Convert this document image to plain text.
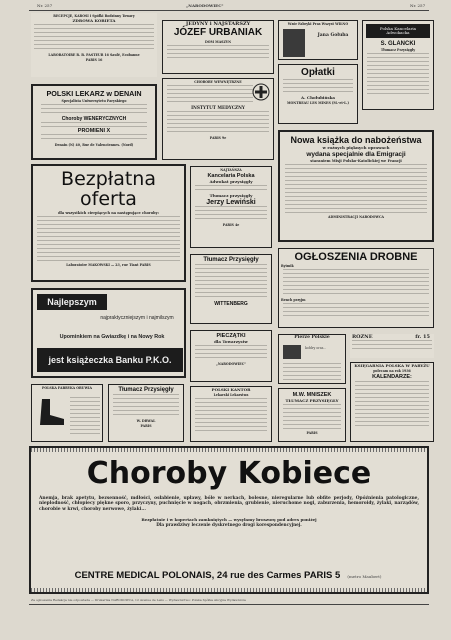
Nr. 257	„NARODOWIEC"	Nr. 257
RECEPCJE, KAROSI i Spółki Rodzinny Towary
ZDROWA KOBIETA
LABORATOIRE R. B. PASTEUR 16 Saulé, Ecobanne
PARIS 16
POLSKI LEKARZ w DENAIN
Specjalista Uniwersytetu Paryskiego
Choroby WENERYCZNYCH
PROMIENI X
Denain (N) 40, Rue de Valenciennes. (Nord)
Bezpłatna
oferta
dla wszystkich cierpiących na następujące choroby:
Laboratoire MAKOWSKI — 23, rue Tiant PARIS
Najlepszym
najpraktyczniejszym i najmilszym
Upominkiem na Gwiazdkę i na Nowy Rok
jest książeczka Banku P.K.O.
POLSKA FABRYKA OBUWIA	Tłumacz Przysięgły
W. DRWAL
PARIS
JEDYNY i NAJSTARSZY
JÓZEF URBANIAK
DOM MASZYN
CHOROBY WEWNĘTRZNE
INSTYTUT MEDYCZNY
PARIS 9e
NAJTAŃSZA
Kancelaria Polska
Adwokat przysięgły
Tłumacz przysięgły
Jerzy Lewiński
PARIS 4e
Tłumacz Przysięgły
WITTENBERG
PIECZĄTKI
dla Towarzystw
„NARODOWIEC"
POLSKI KANTOR
Lekarski Lekarstwa
Wzór Fabryki Pras Wszyst WIŁNO
Jana Gołuba
Polska Kancelaria Adwokacka
S. GLANCKI
Tłumacz Przysięgły
Opłatki
A. Chołubińska
MONTREAU LES MINES (M.-et-L.)
Nowa książka do nabożeństwa
w rożnych pięknych oprawach
wydana specjalnie dla Emigracji
staraniem Misji Polsko-Katolickiej we Francji
ADMINISTRACJI NARODOWCA
OGŁOSZENIA DROBNE
Rytmik
Bench przyjm
Pierze Polskie
kołdry oraz...
M.W. MNISZEK
TŁUMACZ PRZYSIĘGŁY
PARIS
RÓŻNE	fr. 15
KSIĘGARNIA POLSKA W PARYŻU
polecam na rok 1936
KALENDARZE:
Choroby Kobiece
Anemja, brak apetytu, bezsenność, mdłości, osłabienie, upławy, bóle w nerkach, bolesne, nieregularne lub obfite perjody, Opóźnienia patologiczne, nieplodność, chłopiecy piękne sporo, przyczyny, puchnięcie w nogach, obrzmienia, grubienie, nieruchome nogi, zaburzenia, hemoroidy, żylaki, narządów, chorobie w krwi, choroby nerwowe, żylaki...
Bezpłatnie i w kopertach zamkniętych — wysyłamy broszurę pod adres poniżej
Dla prawdziwy leczenie dyskretnego drogi korespondencyjnej.
CENTRE MEDICAL POLONAIS, 24 rue des Carmes PARIS 5 (metro Maubert)
Za ogłoszenia Redakcja nie odpowiada — Drukarnia NARODOWCA, 12 Avenue de Lens — Wydawnictwo: Polska Spółka Akcyjna Wydawnicza
